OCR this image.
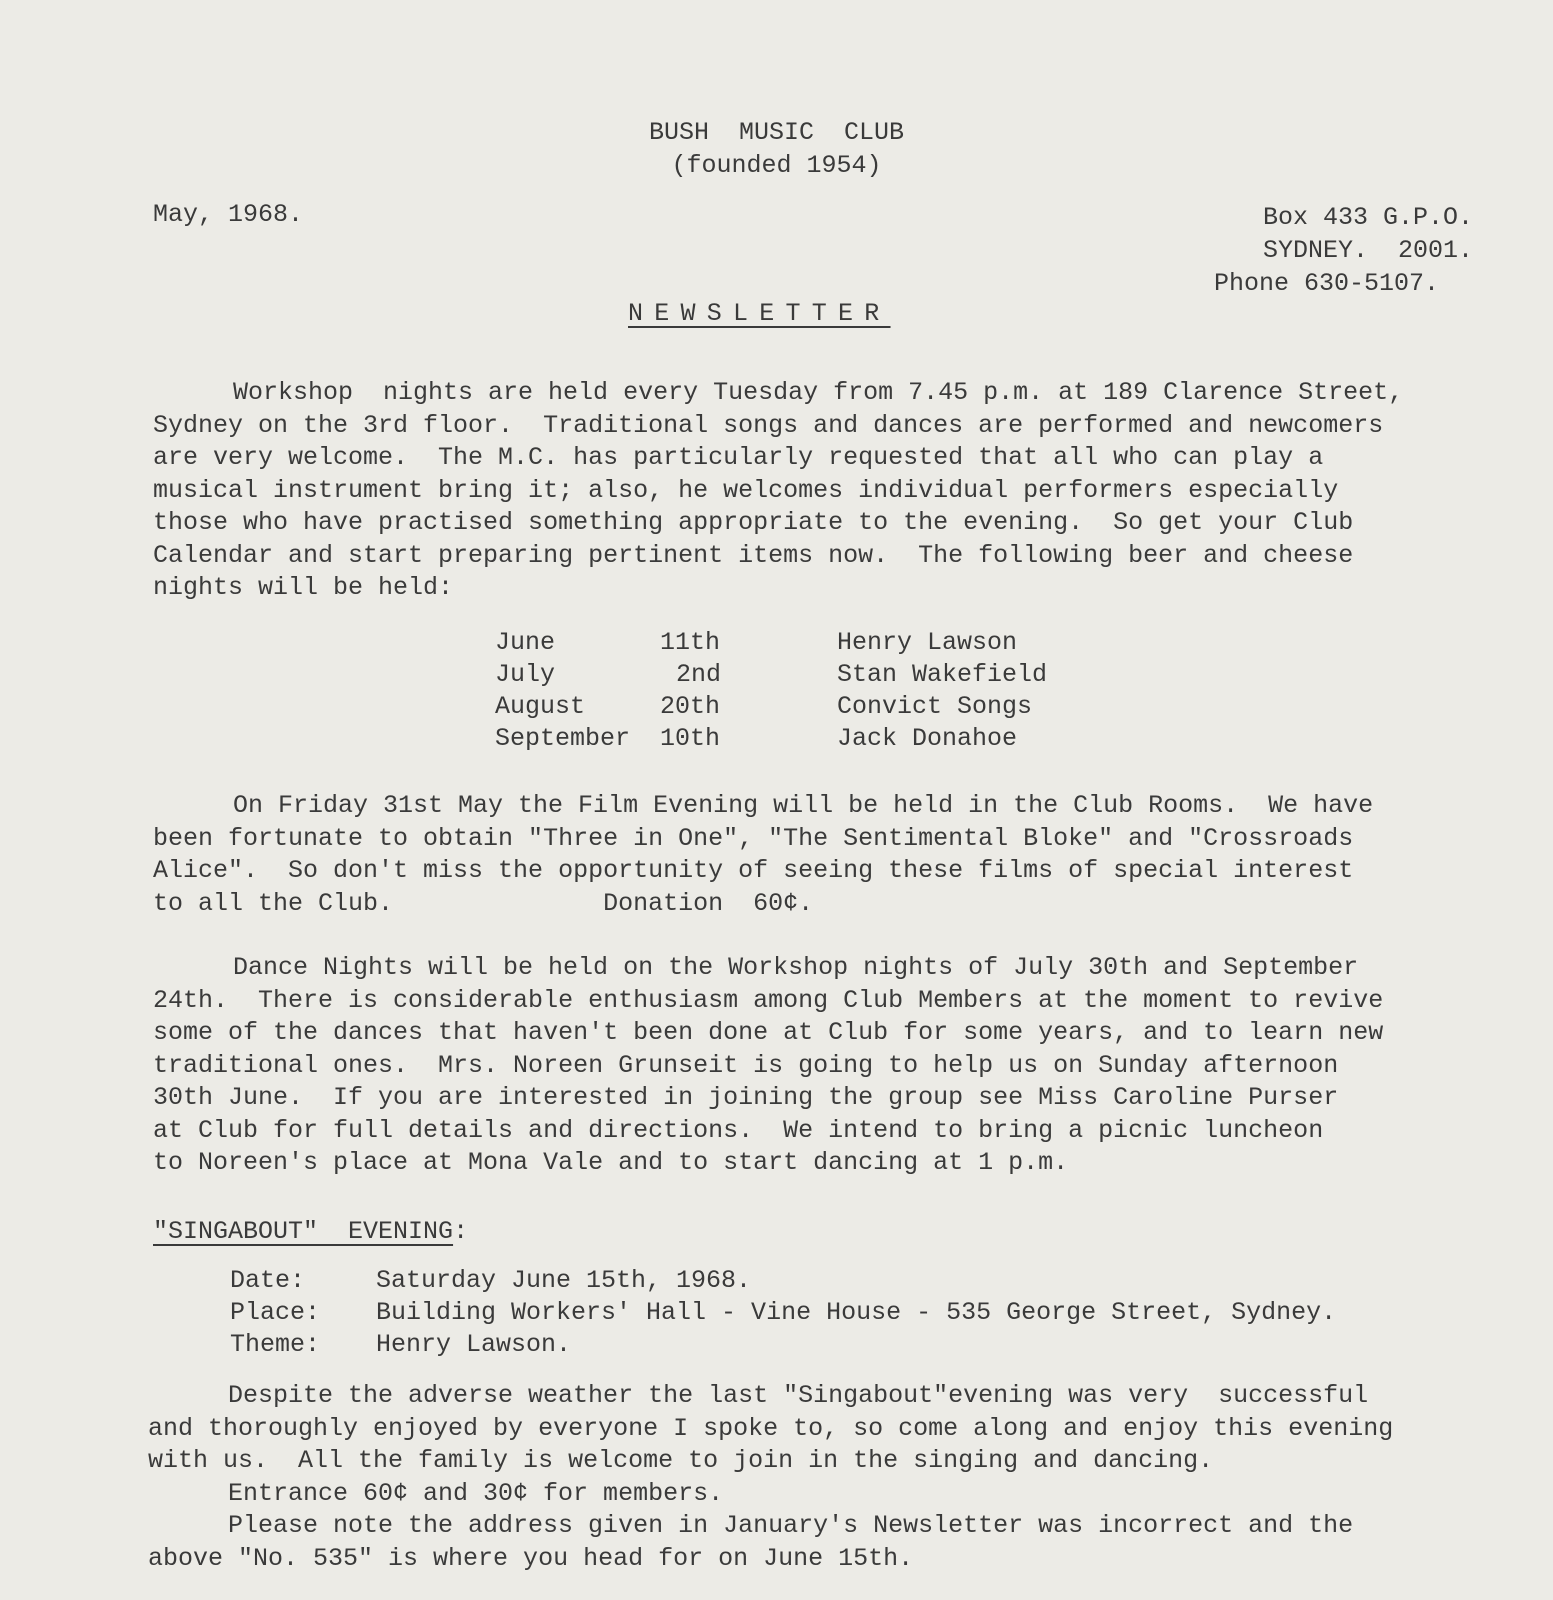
BUSH  MUSIC  CLUB
(founded 1954)
May, 1968.	Box 433 G.P.O.
SYDNEY.  2001.
Phone 630-5107.
NEWSLETTER
Workshop  nights are held every Tuesday from 7.45 p.m. at 189 Clarence Street,
Sydney on the 3rd floor.  Traditional songs and dances are performed and newcomers
are very welcome.  The M.C. has particularly requested that all who can play a
musical instrument bring it; also, he welcomes individual performers especially
those who have practised something appropriate to the evening.  So get your Club
Calendar and start preparing pertinent items now.  The following beer and cheese
nights will be held:
June	11th	Henry Lawson
July	2nd	Stan Wakefield
August	20th	Convict Songs
September 10th	Jack Donahoe
On Friday 31st May the Film Evening will be held in the Club Rooms.  We have
been fortunate to obtain "Three in One", "The Sentimental Bloke" and "Crossroads
Alice".  So don't miss the opportunity of seeing these films of special interest
to all the Club.              Donation  60¢.
Dance Nights will be held on the Workshop nights of July 30th and September
24th.  There is considerable enthusiasm among Club Members at the moment to revive
some of the dances that haven't been done at Club for some years, and to learn new
traditional ones.  Mrs. Noreen Grunseit is going to help us on Sunday afternoon
30th June.  If you are interested in joining the group see Miss Caroline Purser
at Club for full details and directions.  We intend to bring a picnic luncheon
to Noreen's place at Mona Vale and to start dancing at 1 p.m.
"SINGABOUT"  EVENING:
Date:	Saturday June 15th, 1968.
Place: Building Workers' Hall - Vine House - 535 George Street, Sydney.
Theme: Henry Lawson.
Despite the adverse weather the last "Singabout"evening was very  successful
and thoroughly enjoyed by everyone I spoke to, so come along and enjoy this evening
with us.  All the family is welcome to join in the singing and dancing.
Entrance 60¢ and 30¢ for members.
Please note the address given in January's Newsletter was incorrect and the
above "No. 535" is where you head for on June 15th.
